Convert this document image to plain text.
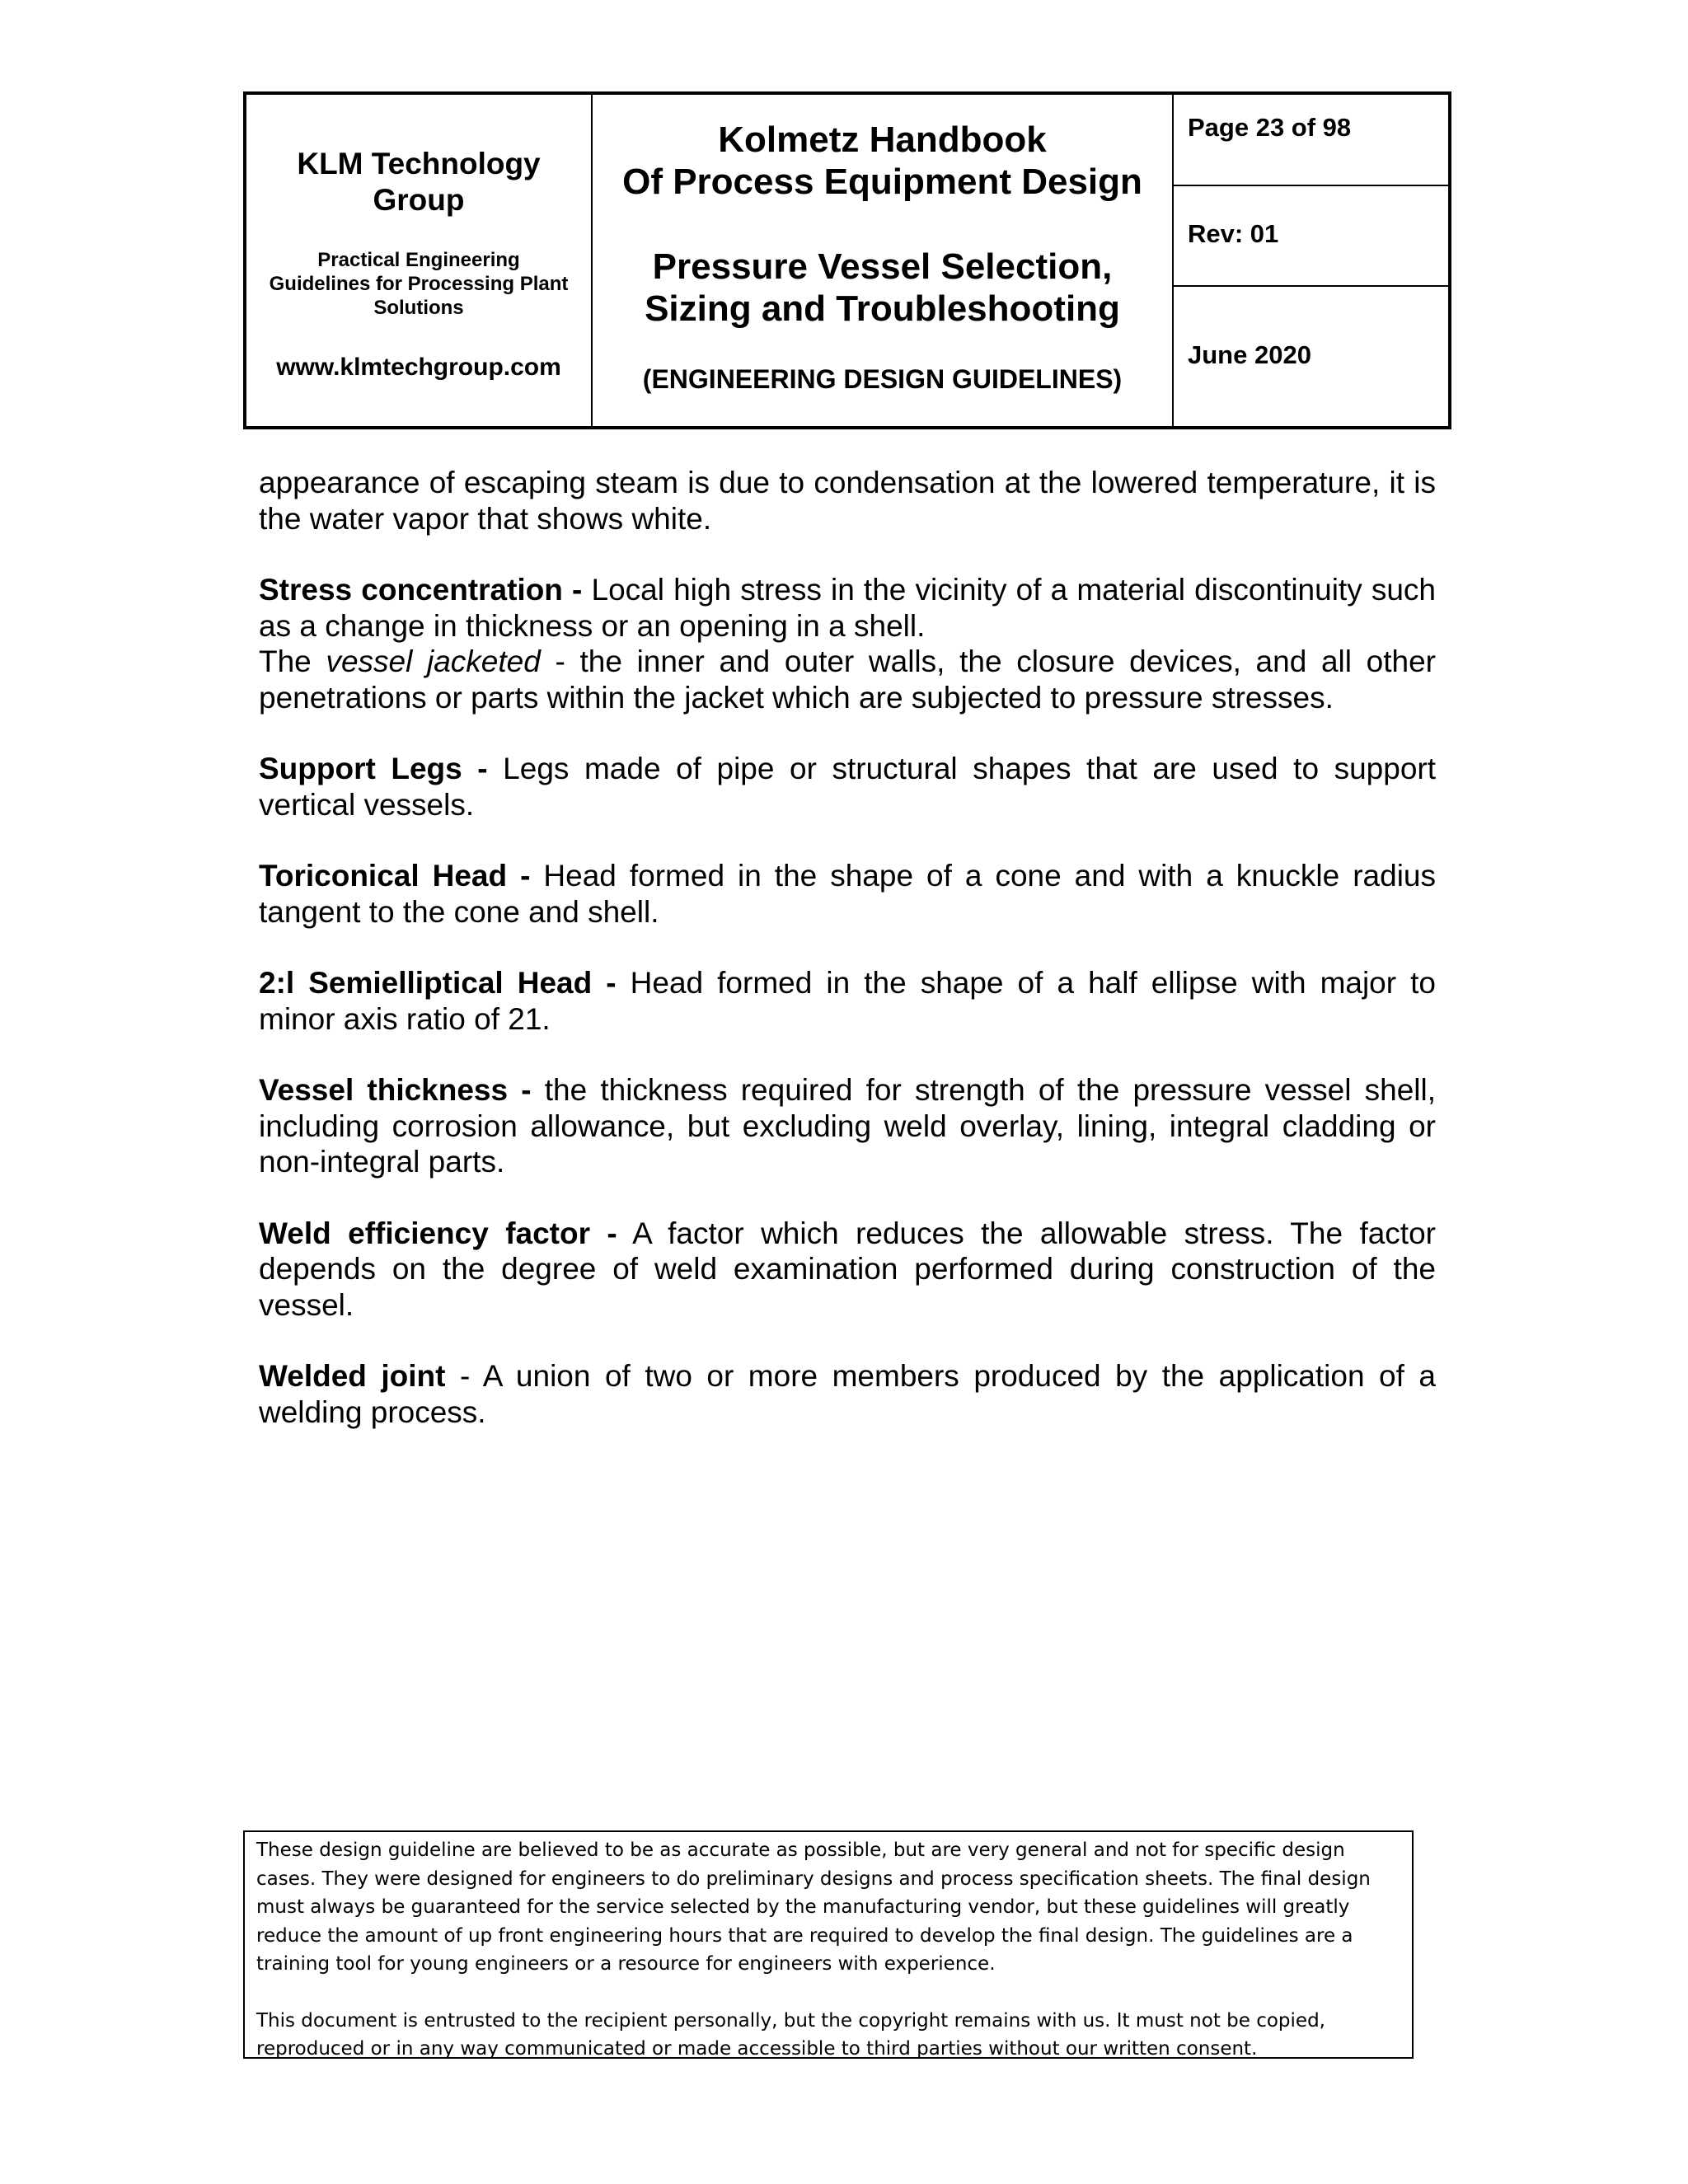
KLM Technology
Group
Practical Engineering
Guidelines for Processing Plant
Solutions
www.klmtechgroup.com
Kolmetz Handbook
Of Process Equipment Design
Pressure Vessel Selection,
Sizing and Troubleshooting
(ENGINEERING DESIGN GUIDELINES)
Page 23 of 98
Rev: 01
June 2020

appearance of escaping steam is due to condensation at the lowered temperature, it is the water vapor that shows white.

Stress concentration - Local high stress in the vicinity of a material discontinuity such as a change in thickness or an opening in a shell.

The vessel jacketed - the inner and outer walls, the closure devices, and all other penetrations or parts within the jacket which are subjected to pressure stresses.

Support Legs - Legs made of pipe or structural shapes that are used to support vertical vessels.

Toriconical Head - Head formed in the shape of a cone and with a knuckle radius tangent to the cone and shell.

2:l Semielliptical Head - Head formed in the shape of a half ellipse with major to minor axis ratio of 21.

Vessel thickness - the thickness required for strength of the pressure vessel shell, including corrosion allowance, but excluding weld overlay, lining, integral cladding or non-integral parts.

Weld efficiency factor - A factor which reduces the allowable stress. The factor depends on the degree of weld examination performed during construction of the vessel.

Welded joint - A union of two or more members produced by the application of a welding process.

These design guideline are believed to be as accurate as possible, but are very general and not for specific design cases. They were designed for engineers to do preliminary designs and process specification sheets. The final design must always be guaranteed for the service selected by the manufacturing vendor, but these guidelines will greatly reduce the amount of up front engineering hours that are required to develop the final design. The guidelines are a training tool for young engineers or a resource for engineers with experience.

This document is entrusted to the recipient personally, but the copyright remains with us. It must not be copied, reproduced or in any way communicated or made accessible to third parties without our written consent.
